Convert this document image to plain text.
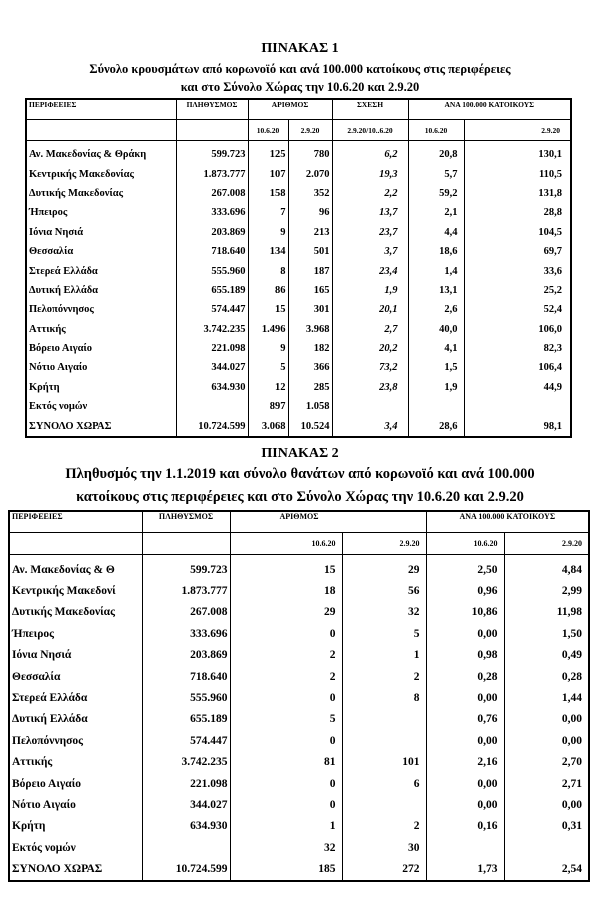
ΠΙΝΑΚΑΣ 1
Σύνολο κρουσμάτων από κορωνοϊό και ανά 100.000 κατοίκους στις περιφέρειες
και στο Σύνολο Χώρας την 10.6.20 και 2.9.20
ΠΕΡΙΦΕΕΙΕΣ	ΠΛΗΘΥΣΜΟΣ	ΑΡΙΘΜΟΣ		ΣΧΕΣΗ	ΑΝΑ 100.000 ΚΑΤΟΙΚΟΥΣ	
		10.6.20	2.9.20	2.9.20/10..6.20	10.6.20	2.9.20

Αν. Μακεδονίας & Θράκη	599.723	125	780	6,2	20,8	130,1
Κεντρικής Μακεδονίας	1.873.777	107	2.070	19,3	5,7	110,5
Δυτικής Μακεδονίας	267.008	158	352	2,2	59,2	131,8
Ήπειρος	333.696	7	96	13,7	2,1	28,8
Ιόνια Νησιά	203.869	9	213	23,7	4,4	104,5
Θεσσαλία	718.640	134	501	3,7	18,6	69,7
Στερεά Ελλάδα	555.960	8	187	23,4	1,4	33,6
Δυτική Ελλάδα	655.189	86	165	1,9	13,1	25,2
Πελοπόννησος	574.447	15	301	20,1	2,6	52,4
Αττικής	3.742.235	1.496	3.968	2,7	40,0	106,0
Βόρειο Αιγαίο	221.098	9	182	20,2	4,1	82,3
Νότιο Αιγαίο	344.027	5	366	73,2	1,5	106,4
Κρήτη	634.930	12	285	23,8	1,9	44,9
Εκτός νομών		897	1.058			
ΣΥΝΟΛΟ ΧΩΡΑΣ	10.724.599	3.068	10.524	3,4	28,6	98,1
ΠΙΝΑΚΑΣ 2
Πληθυσμός την 1.1.2019 και σύνολο θανάτων από κορωνοϊό και ανά 100.000
κατοίκους στις περιφέρειες και στο Σύνολο Χώρας την 10.6.20 και 2.9.20
ΠΕΡΙΦΕΕΙΕΣ	ΠΛΗΘΥΣΜΟΣ	ΑΡΙΘΜΟΣ		ΑΝΑ 100.000 ΚΑΤΟΙΚΟΥΣ	
		10.6.20	2.9.20	10.6.20	2.9.20

Αν. Μακεδονίας & Θ	599.723	15	29	2,50	4,84
Κεντρικής Μακεδονί	1.873.777	18	56	0,96	2,99
Δυτικής Μακεδονίας	267.008	29	32	10,86	11,98
Ήπειρος	333.696	0	5	0,00	1,50
Ιόνια Νησιά	203.869	2	1	0,98	0,49
Θεσσαλία	718.640	2	2	0,28	0,28
Στερεά Ελλάδα	555.960	0	8	0,00	1,44
Δυτική Ελλάδα	655.189	5		0,76	0,00
Πελοπόννησος	574.447	0		0,00	0,00
Αττικής	3.742.235	81	101	2,16	2,70
Βόρειο Αιγαίο	221.098	0	6	0,00	2,71
Νότιο Αιγαίο	344.027	0		0,00	0,00
Κρήτη	634.930	1	2	0,16	0,31
Εκτός νομών		32	30		
ΣΥΝΟΛΟ ΧΩΡΑΣ	10.724.599	185	272	1,73	2,54
